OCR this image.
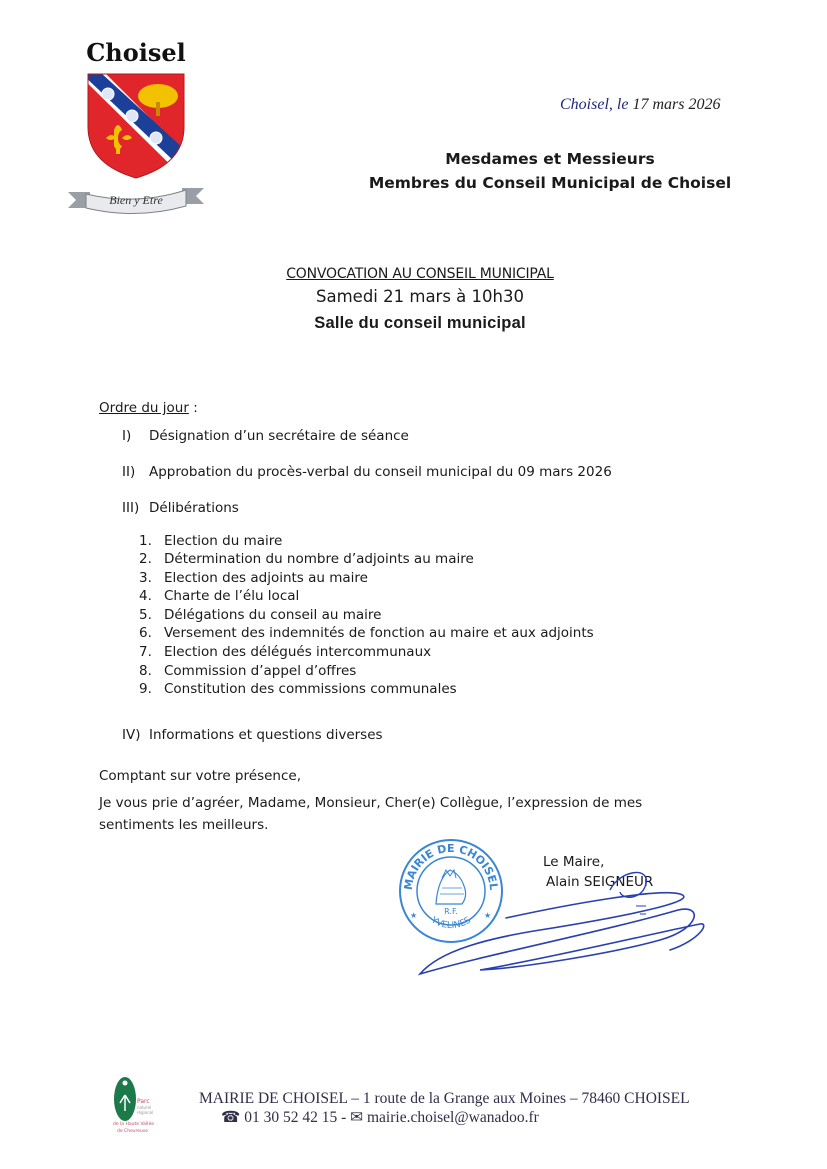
Choisel
Bien y Etre
Choisel, le 17 mars 2026
Mesdames et Messieurs
Membres du Conseil Municipal de Choisel
CONVOCATION AU CONSEIL MUNICIPAL
Samedi 21 mars à 10h30
Salle du conseil municipal
Ordre du jour :
I)	Désignation d’un secrétaire de séance
II)	Approbation du procès-verbal du conseil municipal du 09 mars 2026
III) Délibérations
1. Election du maire
2. Détermination du nombre d’adjoints au maire
3. Election des adjoints au maire
4. Charte de l’élu local
5. Délégations du conseil au maire
6. Versement des indemnités de fonction au maire et aux adjoints
7. Election des délégués intercommunaux
8. Commission d’appel d’offres
9. Constitution des commissions communales
IV) Informations et questions diverses
Comptant sur votre présence,
Je vous prie d’agréer, Madame, Monsieur, Cher(e) Collègue, l’expression de mes sentiments les meilleurs.
MAIRIE DE CHOISEL
YVELINES
R.F.
★	★
Le Maire,
Alain SEIGNEUR
Parc
naturel
régional
de la Haute Vallée
de Chevreuse
MAIRIE DE CHOISEL – 1 route de la Grange aux Moines – 78460 CHOISEL
☎ 01 30 52 42 15 - ✉ mairie.choisel@wanadoo.fr
